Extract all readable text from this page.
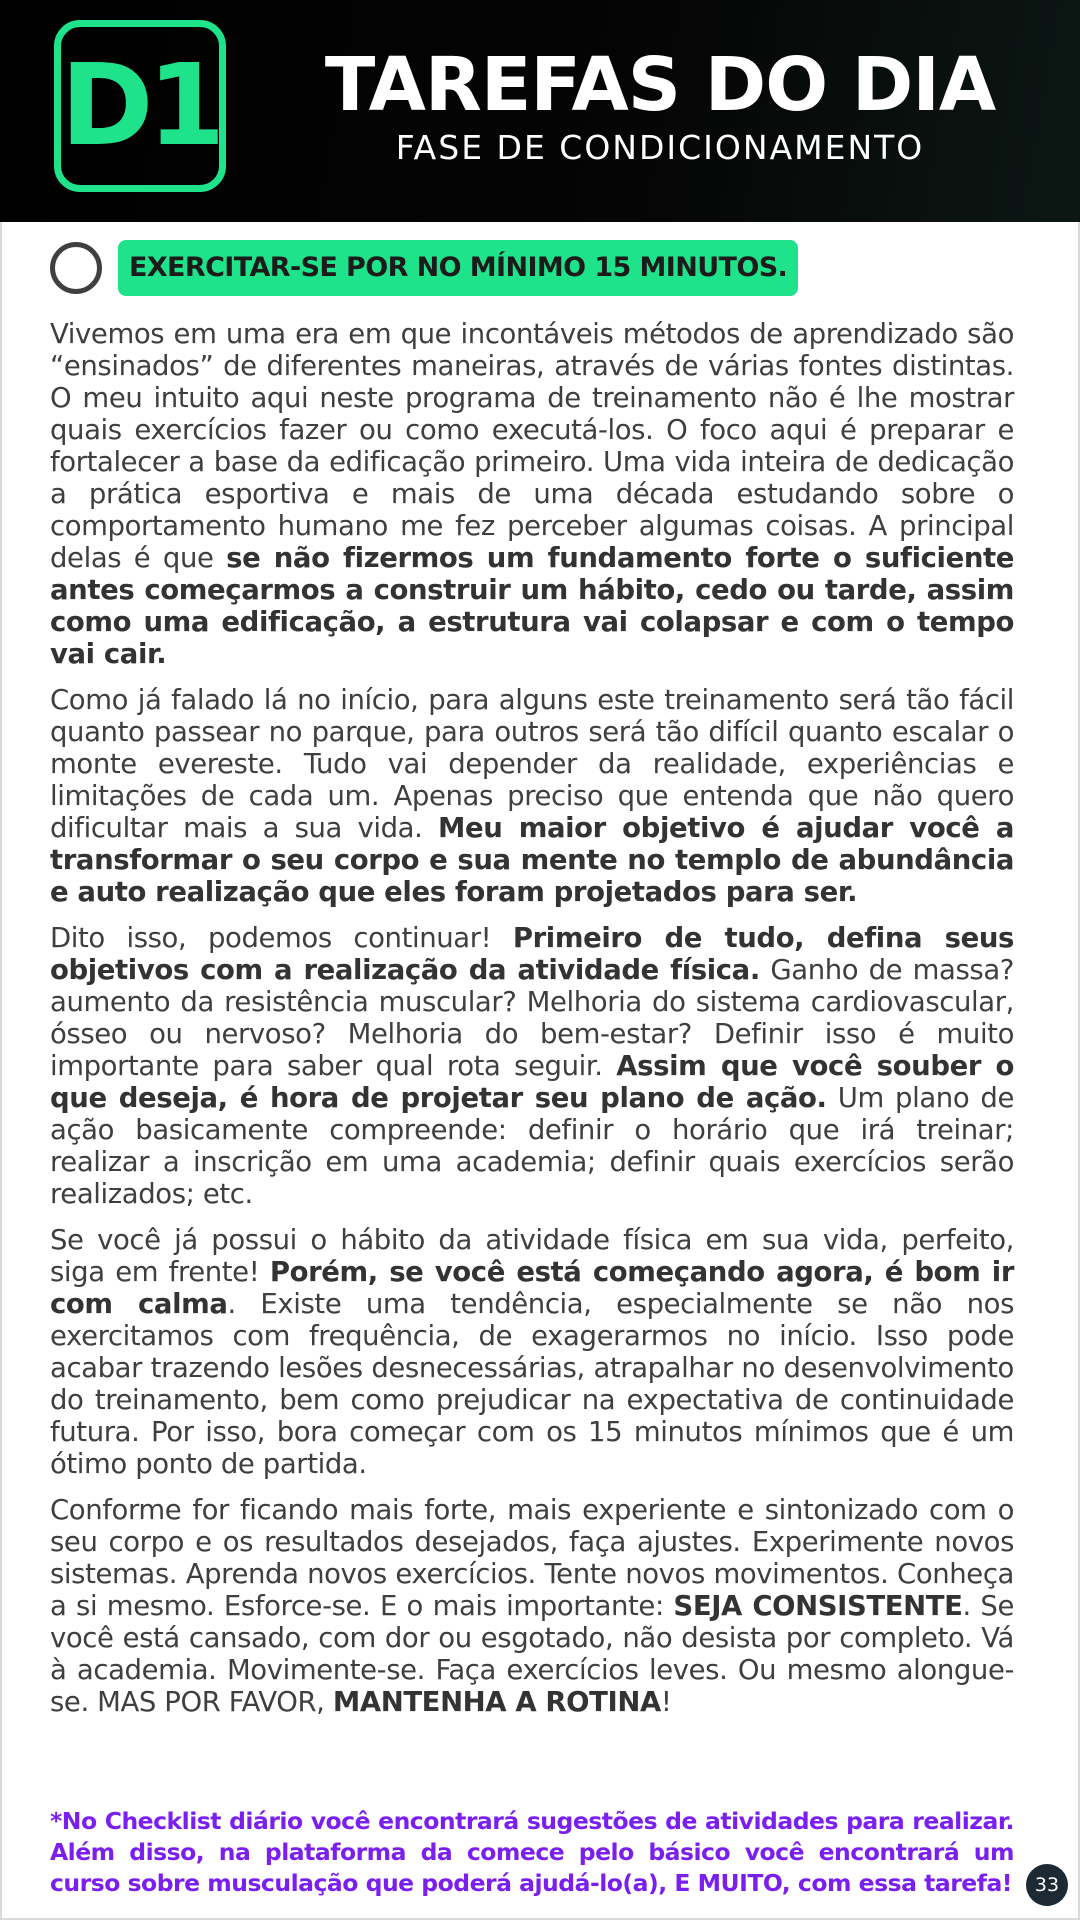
D1	TAREFAS DO DIA
FASE DE CONDICIONAMENTO
EXERCITAR-SE POR NO MÍNIMO 15 MINUTOS.

Vivemos em uma era em que incontáveis métodos de aprendizado são “ensinados” de diferentes maneiras, através de várias fontes distintas. O meu intuito aqui neste programa de treinamento não é lhe mostrar quais exercícios fazer ou como executá-los. O foco aqui é preparar e fortalecer a base da edificação primeiro. Uma vida inteira de dedicação a prática esportiva e mais de uma década estudando sobre o comportamento humano me fez perceber algumas coisas. A principal delas é que se não fizermos um fundamento forte o suficiente antes começarmos a construir um hábito, cedo ou tarde, assim como uma edificação, a estrutura vai colapsar e com o tempo vai cair.

Como já falado lá no início, para alguns este treinamento será tão fácil quanto passear no parque, para outros será tão difícil quanto escalar o monte evereste. Tudo vai depender da realidade, experiências e limitações de cada um. Apenas preciso que entenda que não quero dificultar mais a sua vida. Meu maior objetivo é ajudar você a transformar o seu corpo e sua mente no templo de abundância e auto realização que eles foram projetados para ser.

Dito isso, podemos continuar! Primeiro de tudo, defina seus objetivos com a realização da atividade física. Ganho de massa? aumento da resistência muscular? Melhoria do sistema cardiovascular, ósseo ou nervoso? Melhoria do bem-estar? Definir isso é muito importante para saber qual rota seguir. Assim que você souber o que deseja, é hora de projetar seu plano de ação. Um plano de ação basicamente compreende: definir o horário que irá treinar; realizar a inscrição em uma academia; definir quais exercícios serão realizados; etc.

Se você já possui o hábito da atividade física em sua vida, perfeito, siga em frente! Porém, se você está começando agora, é bom ir com calma. Existe uma tendência, especialmente se não nos exercitamos com frequência, de exagerarmos no início. Isso pode acabar trazendo lesões desnecessárias, atrapalhar no desenvolvimento do treinamento, bem como prejudicar na expectativa de continuidade futura. Por isso, bora começar com os 15 minutos mínimos que é um ótimo ponto de partida.

Conforme for ficando mais forte, mais experiente e sintonizado com o seu corpo e os resultados desejados, faça ajustes. Experimente novos sistemas. Aprenda novos exercícios. Tente novos movimentos. Conheça a si mesmo. Esforce-se. E o mais importante: SEJA CONSISTENTE. Se você está cansado, com dor ou esgotado, não desista por completo. Vá à academia. Movimente-se. Faça exercícios leves. Ou mesmo alongue-se. MAS POR FAVOR, MANTENHA A ROTINA!

*No Checklist diário você encontrará sugestões de atividades para realizar. Além disso, na plataforma da comece pelo básico você encontrará um curso sobre musculação que poderá ajudá-lo(a), E MUITO, com essa tarefa!	33
